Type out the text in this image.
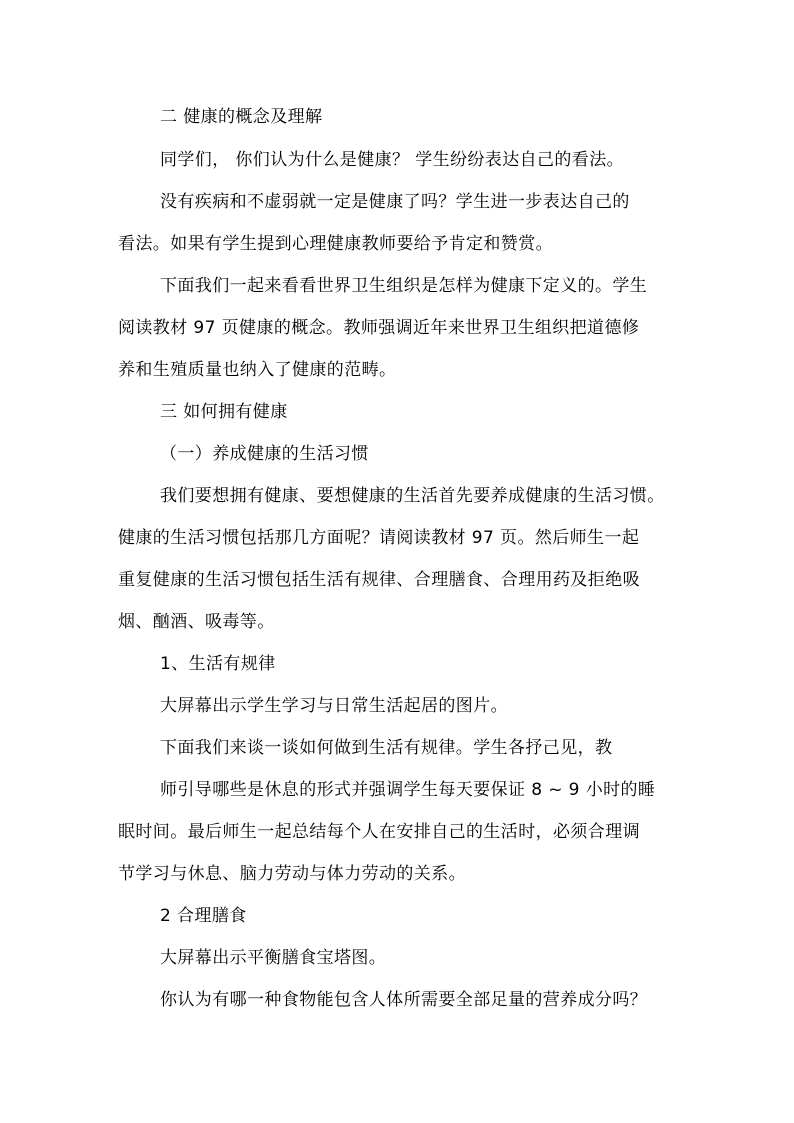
二 健康的概念及理解
同学们， 你们认为什么是健康？ 学生纷纷表达自己的看法。
没有疾病和不虚弱就一定是健康了吗？学生进一步表达自己的
看法。如果有学生提到心理健康教师要给予肯定和赞赏。
下面我们一起来看看世界卫生组织是怎样为健康下定义的。学生
阅读教材 97 页健康的概念。教师强调近年来世界卫生组织把道德修
养和生殖质量也纳入了健康的范畴。
三 如何拥有健康
（一）养成健康的生活习惯
我们要想拥有健康、要想健康的生活首先要养成健康的生活习惯。
健康的生活习惯包括那几方面呢？请阅读教材 97 页。然后师生一起
重复健康的生活习惯包括生活有规律、合理膳食、合理用药及拒绝吸
烟、酗酒、吸毒等。
1、生活有规律
大屏幕出示学生学习与日常生活起居的图片。
下面我们来谈一谈如何做到生活有规律。学生各抒己见，教
师引导哪些是休息的形式并强调学生每天要保证 8 ~ 9 小时的睡
眠时间。最后师生一起总结每个人在安排自己的生活时，必须合理调
节学习与休息、脑力劳动与体力劳动的关系。
2 合理膳食
大屏幕出示平衡膳食宝塔图。
你认为有哪一种食物能包含人体所需要全部足量的营养成分吗？
